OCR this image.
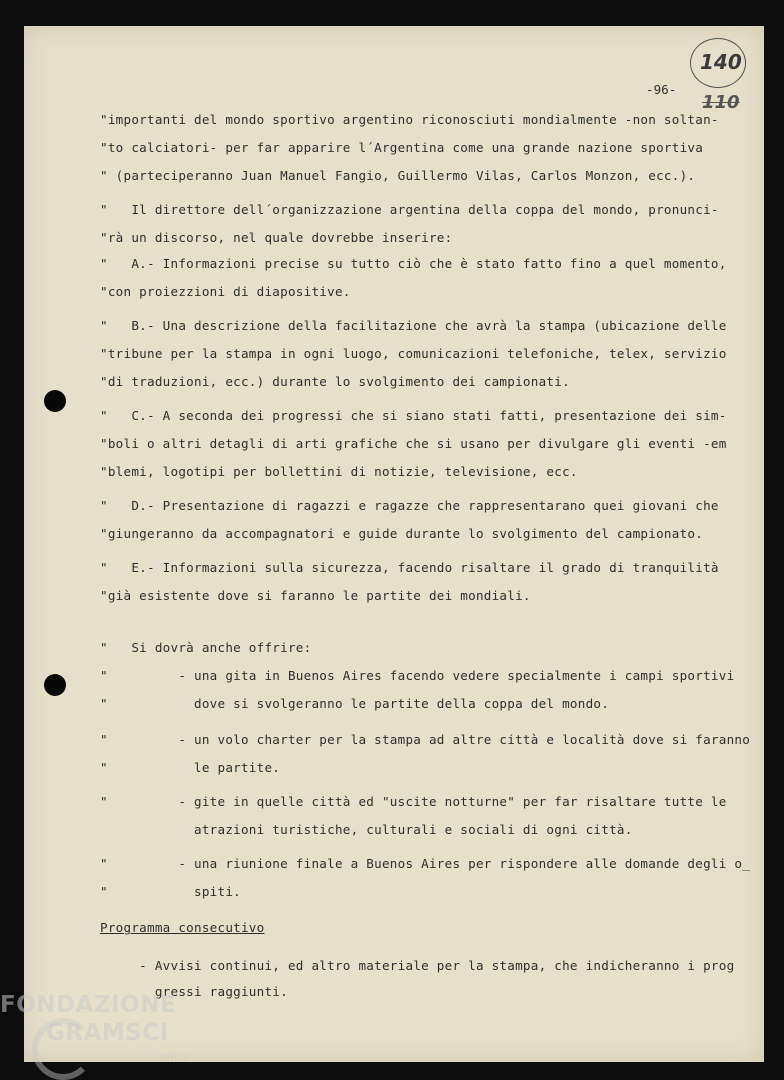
140
110
-96-
"importanti del mondo sportivo argentino riconosciuti mondialmente -non soltan-
"to calciatori- per far apparire l´Argentina come una grande nazione sportiva
" (parteciperanno Juan Manuel Fangio, Guillermo Vilas, Carlos Monzon, ecc.).
"   Il direttore dell´organizzazione argentina della coppa del mondo, pronunci-
"rà un discorso, nel quale dovrebbe inserire:
"   A.- Informazioni precise su tutto ciò che è stato fatto fino a quel momento,
"con proiezzioni di diapositive.
"   B.- Una descrizione della facilitazione che avrà la stampa (ubicazione delle
"tribune per la stampa in ogni luogo, comunicazioni telefoniche, telex, servizio
"di traduzioni, ecc.) durante lo svolgimento dei campionati.
"   C.- A seconda dei progressi che si siano stati fatti, presentazione dei sim-
"boli o altri detagli di arti grafiche che si usano per divulgare gli eventi -em
"blemi, logotipi per bollettini di notizie, televisione, ecc.
"   D.- Presentazione di ragazzi e ragazze che rappresentarano quei giovani che
"giungeranno da accompagnatori e guide durante lo svolgimento del campionato.
"   E.- Informazioni sulla sicurezza, facendo risaltare il grado di tranquilità
"già esistente dove si faranno le partite dei mondiali.
"   Si dovrà anche offrire:
"         - una gita in Buenos Aires facendo vedere specialmente i campi sportivi
"           dove si svolgeranno le partite della coppa del mondo.
"         - un volo charter per la stampa ad altre città e località dove si faranno
"           le partite.
"         - gite in quelle città ed "uscite notturne" per far risaltare tutte le
atrazioni turistiche, culturali e sociali di ogni città.
"         - una riunione finale a Buenos Aires per rispondere alle domande degli o_
"           spiti.
Programma consecutivo
- Avvisi continui, ed altro materiale per la stampa, che indicheranno i prog
gressi raggiunti.
FONDAZIONE
GRAMSCI
onlus
